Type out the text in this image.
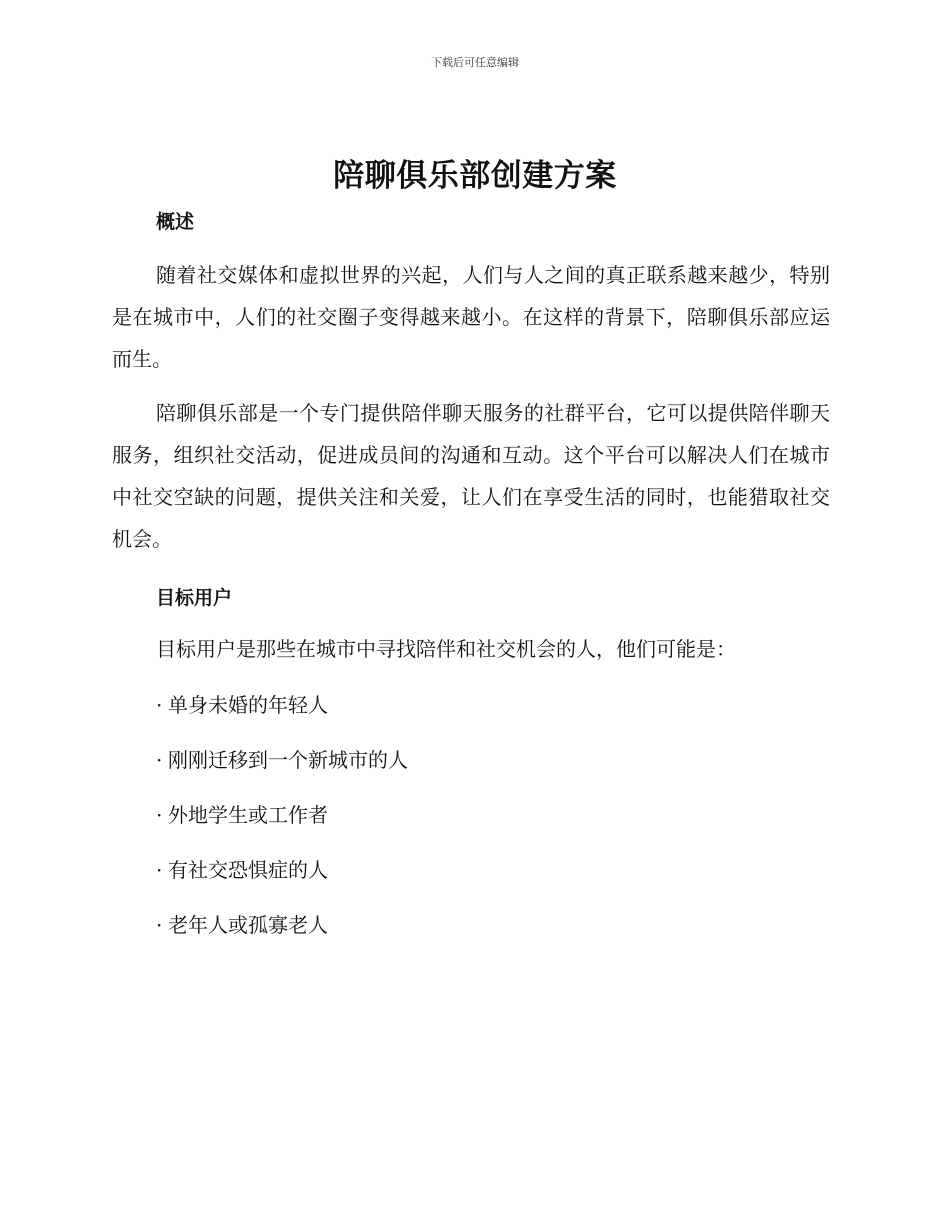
下载后可任意编辑
陪聊俱乐部创建方案
概述

随着社交媒体和虚拟世界的兴起，人们与人之间的真正联系越来越少，特别是在城市中，人们的社交圈子变得越来越小。在这样的背景下，陪聊俱乐部应运而生。

陪聊俱乐部是一个专门提供陪伴聊天服务的社群平台，它可以提供陪伴聊天服务，组织社交活动，促进成员间的沟通和互动。这个平台可以解决人们在城市中社交空缺的问题，提供关注和关爱，让人们在享受生活的同时，也能猎取社交机会。

目标用户

目标用户是那些在城市中寻找陪伴和社交机会的人，他们可能是：

· 单身未婚的年轻人
· 刚刚迁移到一个新城市的人
· 外地学生或工作者
· 有社交恐惧症的人
· 老年人或孤寡老人
